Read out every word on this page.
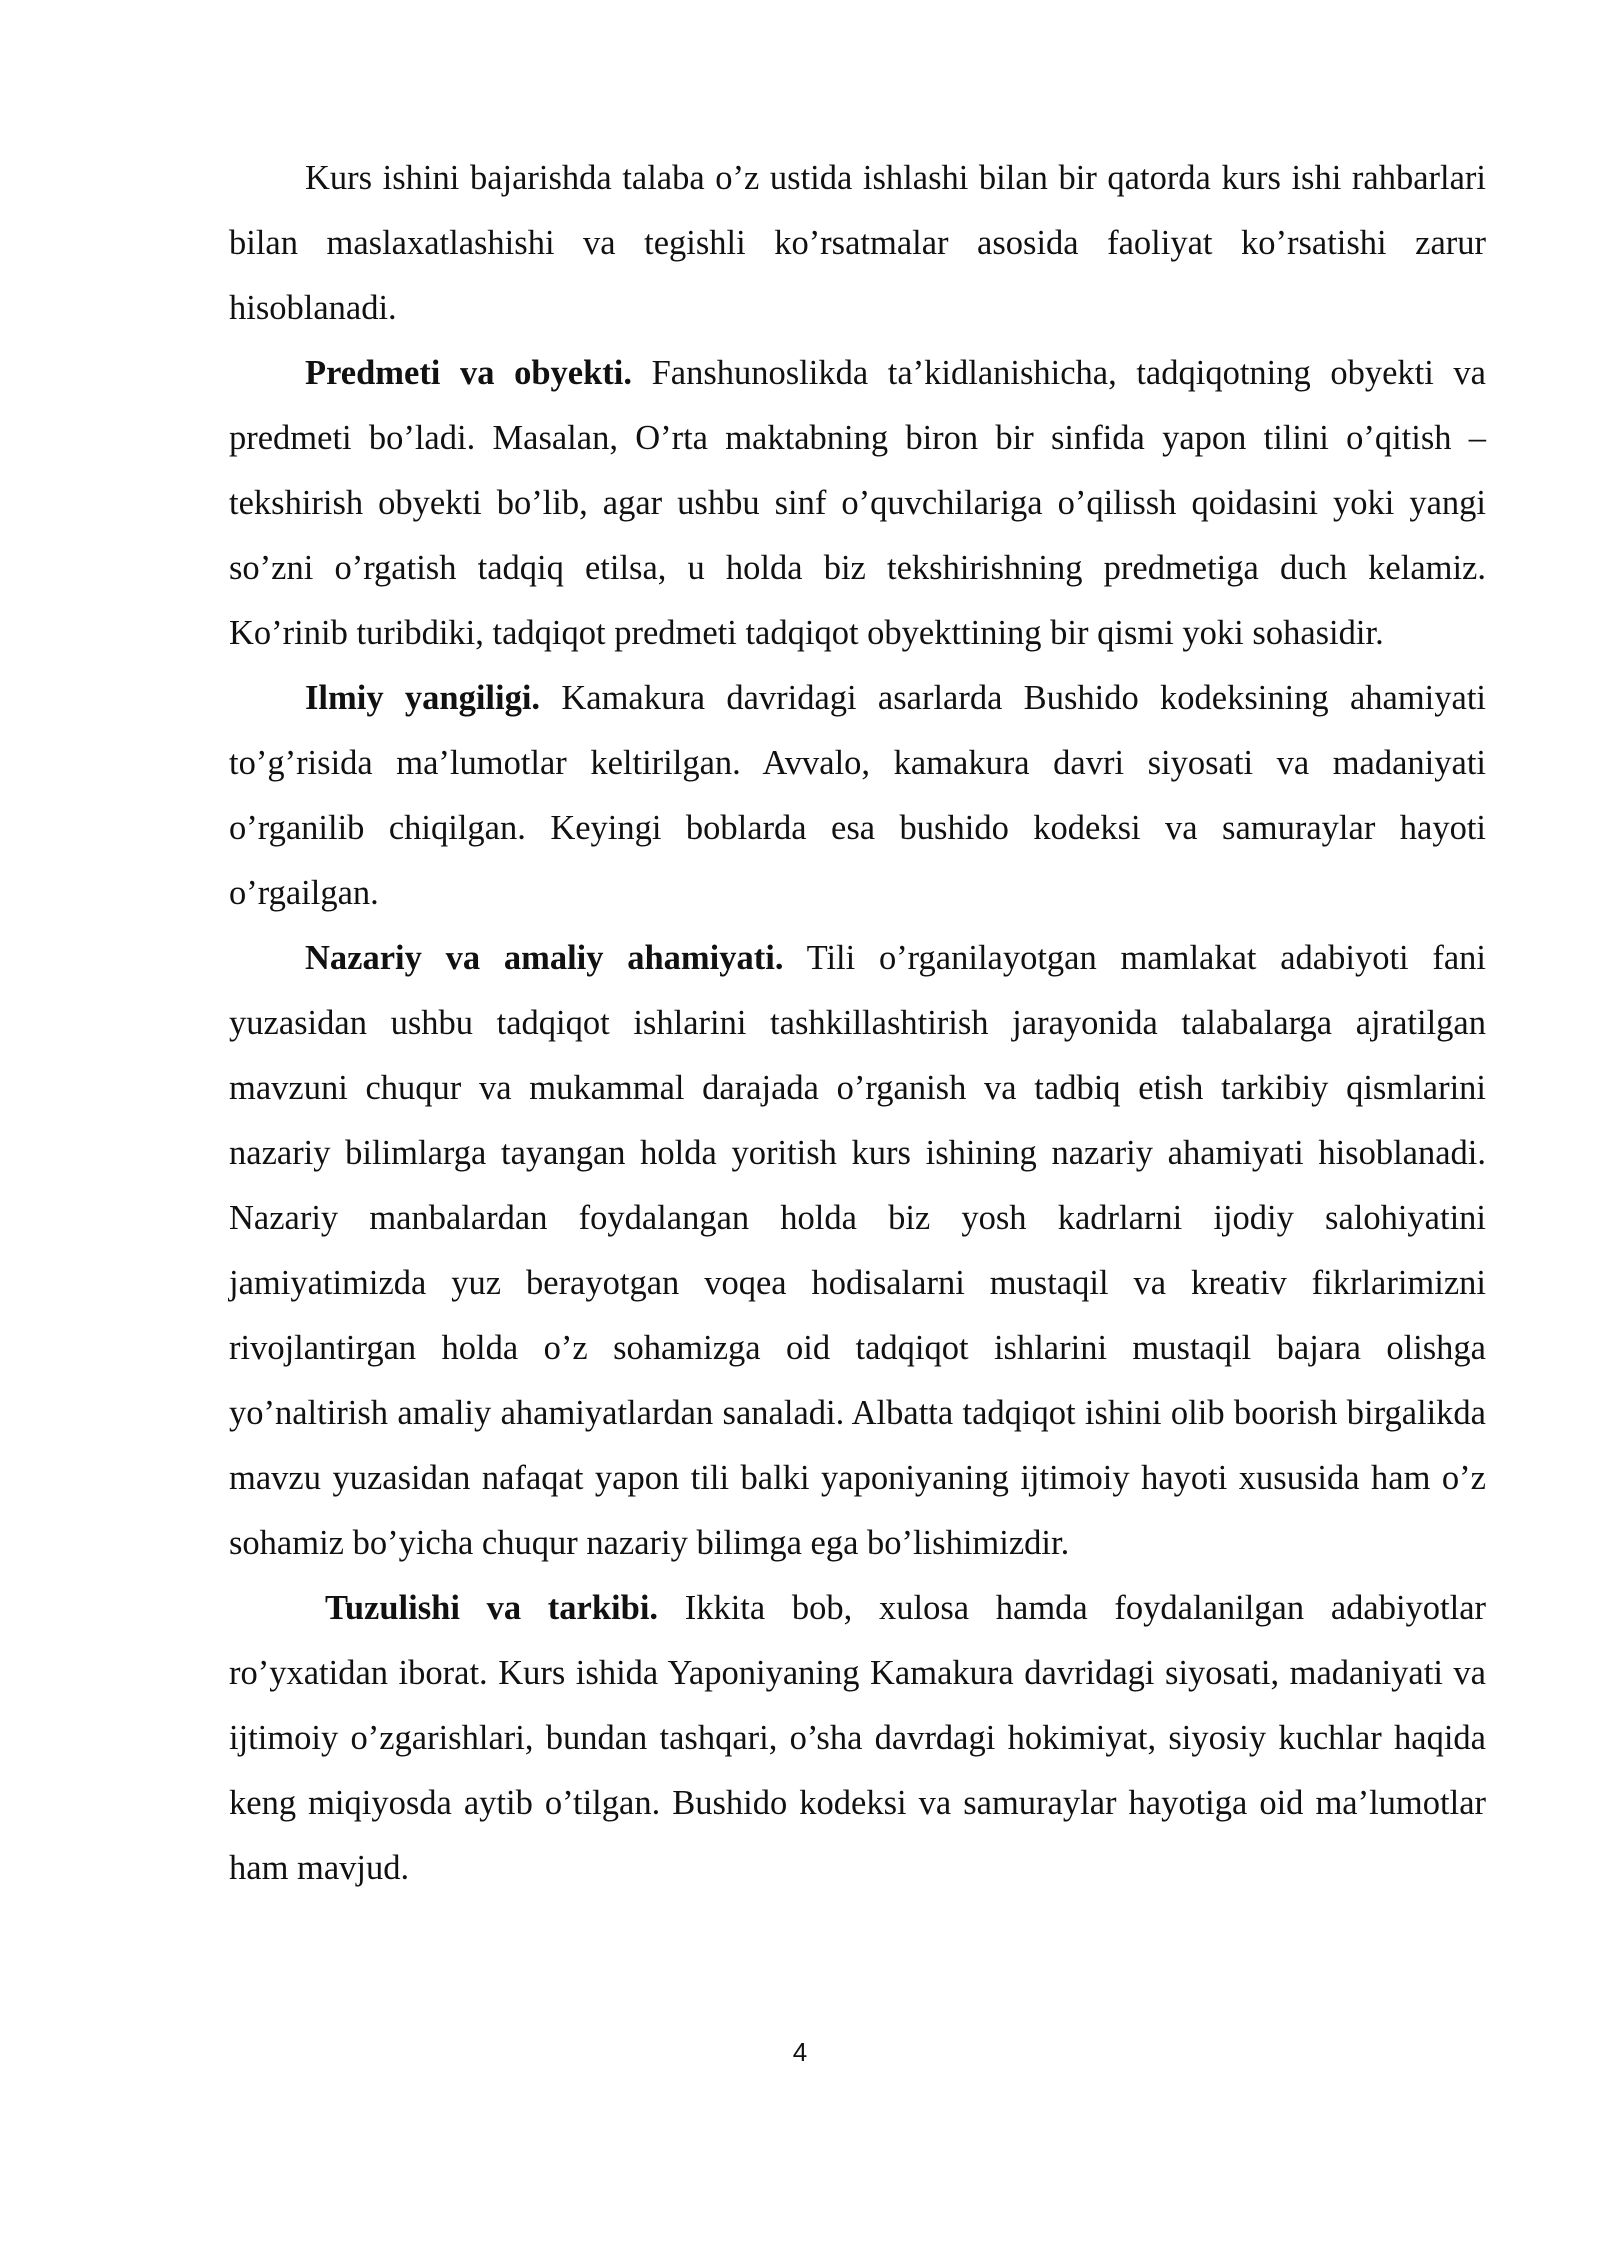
Kurs ishini bajarishda talaba o’z ustida ishlashi bilan bir qatorda kurs ishi rahbarlari bilan maslaxatlashishi va tegishli ko’rsatmalar asosida faoliyat ko’rsatishi zarur hisoblanadi.

Predmeti va obyekti. Fanshunoslikda ta’kidlanishicha, tadqiqotning obyekti va predmeti bo’ladi. Masalan, O’rta maktabning biron bir sinfida yapon tilini o’qitish – tekshirish obyekti bo’lib, agar ushbu sinf o’quvchilariga o’qilissh qoidasini yoki yangi so’zni o’rgatish tadqiq etilsa, u holda biz tekshirishning predmetiga duch kelamiz. Ko’rinib turibdiki, tadqiqot predmeti tadqiqot obyekttining bir qismi yoki sohasidir.

Ilmiy yangiligi. Kamakura davridagi asarlarda Bushido kodeksining ahamiyati to’g’risida ma’lumotlar keltirilgan. Avvalo, kamakura davri siyosati va madaniyati o’rganilib chiqilgan. Keyingi boblarda esa bushido kodeksi va samuraylar hayoti o’rgailgan.

Nazariy va amaliy ahamiyati. Tili o’rganilayotgan mamlakat adabiyoti fani yuzasidan ushbu tadqiqot ishlarini tashkillashtirish jarayonida talabalarga ajratilgan mavzuni chuqur va mukammal darajada o’rganish va tadbiq etish tarkibiy qismlarini nazariy bilimlarga tayangan holda yoritish kurs ishining nazariy ahamiyati hisoblanadi. Nazariy manbalardan foydalangan holda biz yosh kadrlarni ijodiy salohiyatini jamiyatimizda yuz berayotgan voqea hodisalarni mustaqil va kreativ fikrlarimizni rivojlantirgan holda o’z sohamizga oid tadqiqot ishlarini mustaqil bajara olishga yo’naltirish amaliy ahamiyatlardan sanaladi. Albatta tadqiqot ishini olib boorish birgalikda mavzu yuzasidan nafaqat yapon tili balki yaponiyaning ijtimoiy hayoti xususida ham o’z sohamiz bo’yicha chuqur nazariy bilimga ega bo’lishimizdir.

Tuzulishi va tarkibi. Ikkita bob, xulosa hamda foydalanilgan adabiyotlar ro’yxatidan iborat. Kurs ishida Yaponiyaning Kamakura davridagi siyosati, madaniyati va ijtimoiy o’zgarishlari, bundan tashqari, o’sha davrdagi hokimiyat, siyosiy kuchlar haqida keng miqiyosda aytib o’tilgan. Bushido kodeksi va samuraylar hayotiga oid ma’lumotlar ham mavjud.

4
